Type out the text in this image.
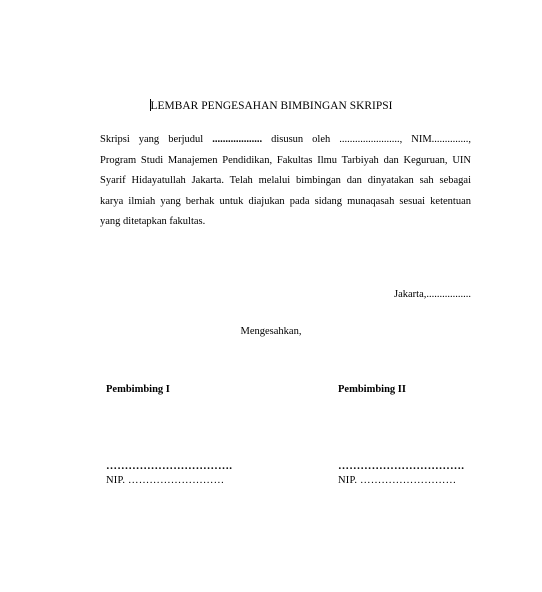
LEMBAR PENGESAHAN BIMBINGAN SKRIPSI
Skripsi yang berjudul ................... disusun oleh ......................., NIM..............,
Program Studi Manajemen Pendidikan, Fakultas Ilmu Tarbiyah dan Keguruan, UIN
Syarif Hidayatullah Jakarta. Telah melalui bimbingan dan dinyatakan sah sebagai
karya ilmiah yang berhak untuk diajukan pada sidang munaqasah sesuai ketentuan
yang ditetapkan fakultas.
Jakarta,.................
Mengesahkan,
Pembimbing I	Pembimbing II
…………………………….	…………………………….
NIP. ………………………	NIP. ………………………
